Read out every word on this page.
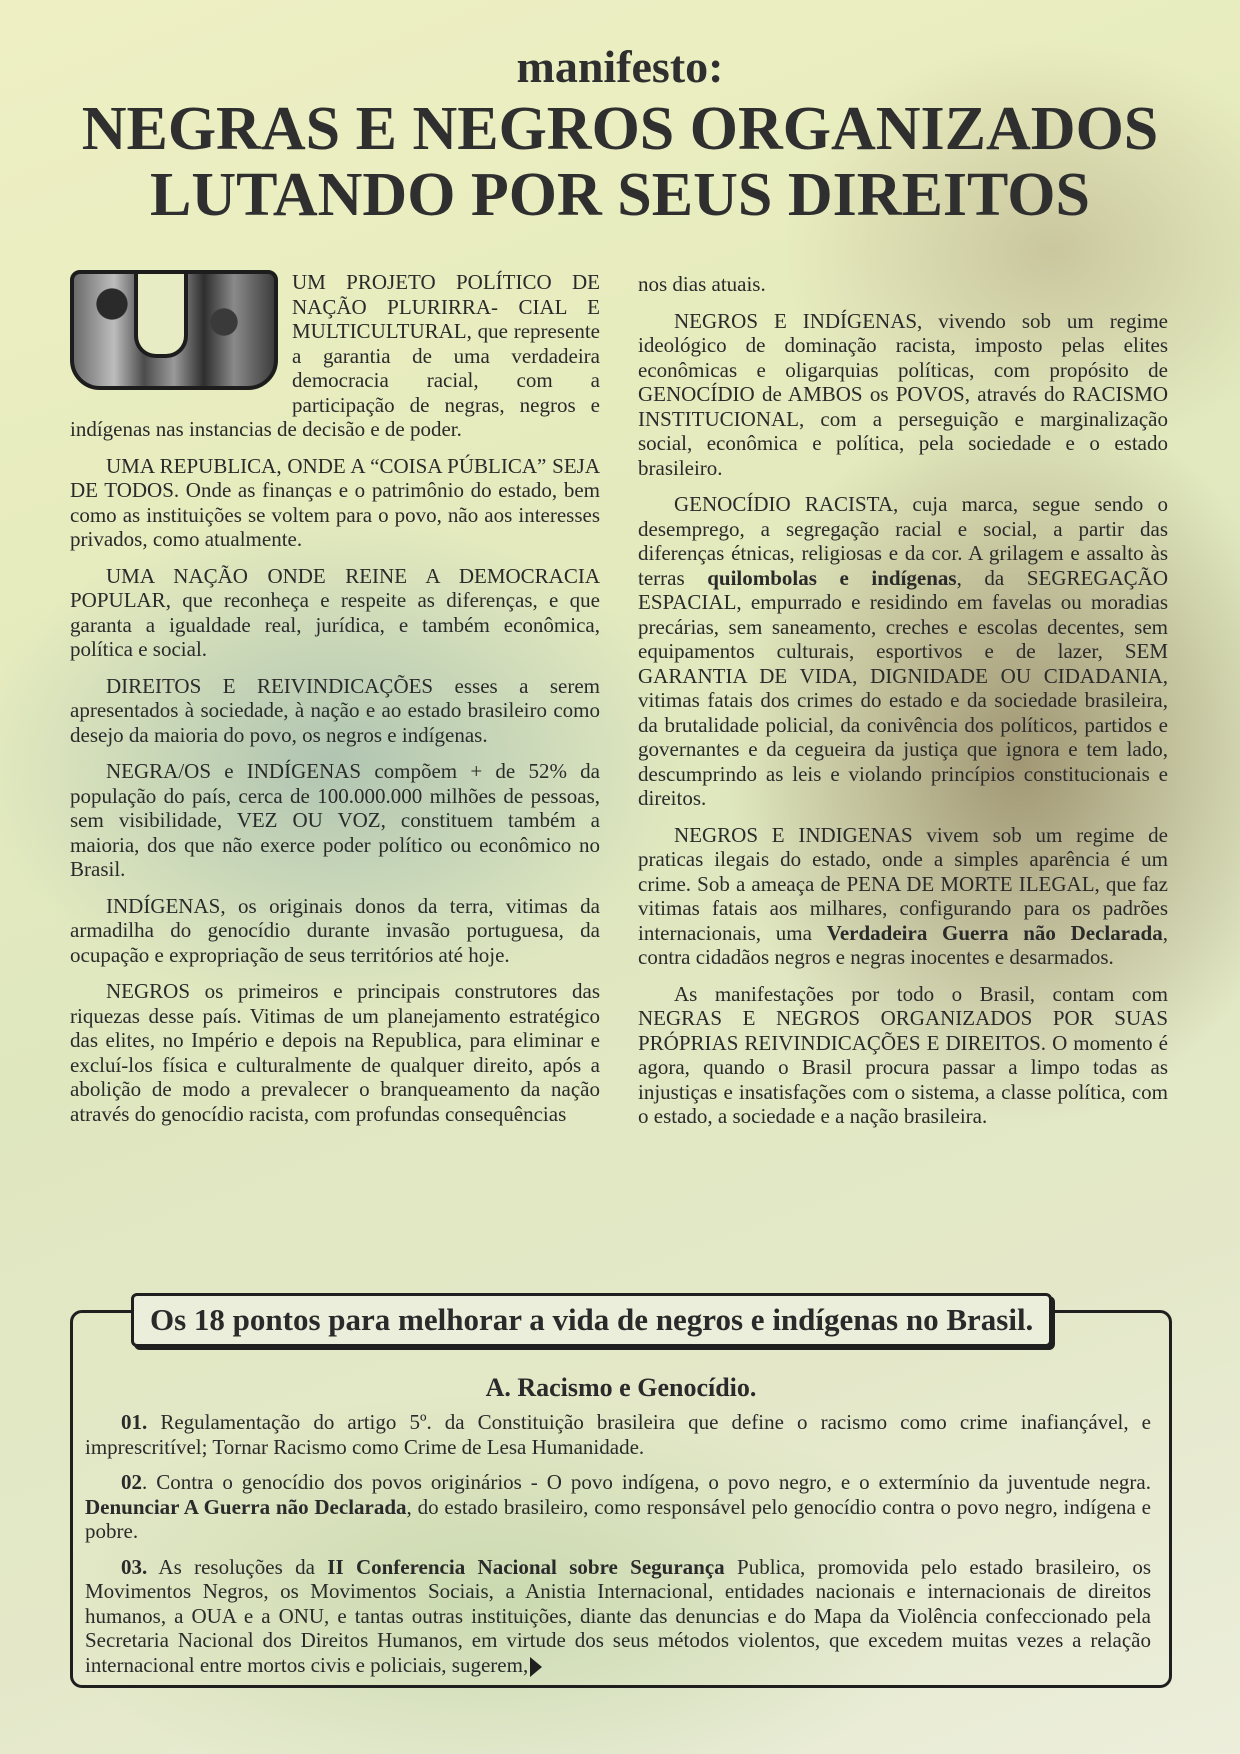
manifesto:
NEGRAS E NEGROS ORGANIZADOS
LUTANDO POR SEUS DIREITOS

UM PROJETO POLÍTICO DE NAÇÃO PLURIRRA- CIAL E MULTICULTURAL, que represente a garantia de uma verdadeira democracia racial, com a participação de negras, negros e indígenas nas instancias de decisão e de poder.

UMA REPUBLICA, ONDE A “COISA PÚBLICA” SEJA DE TODOS. Onde as finanças e o patrimônio do estado, bem como as instituições se voltem para o povo, não aos interesses privados, como atualmente.

UMA NAÇÃO ONDE REINE A DEMOCRACIA POPULAR, que reconheça e respeite as diferenças, e que garanta a igualdade real, jurídica, e também econômica, política e social.

DIREITOS E REIVINDICAÇÕES esses a serem apresentados à sociedade, à nação e ao estado brasileiro como desejo da maioria do povo, os negros e indígenas.

NEGRA/OS e INDÍGENAS compõem + de 52% da população do país, cerca de 100.000.000 milhões de pessoas, sem visibilidade, VEZ OU VOZ, constituem também a maioria, dos que não exerce poder político ou econômico no Brasil.

INDÍGENAS, os originais donos da terra, vitimas da armadilha do genocídio durante invasão portuguesa, da ocupação e expropriação de seus territórios até hoje.

NEGROS os primeiros e principais construtores das riquezas desse país. Vitimas de um planejamento estratégico das elites, no Império e depois na Republica, para eliminar e excluí-los física e culturalmente de qualquer direito, após a abolição de modo a prevalecer o branqueamento da nação através do genocídio racista, com profundas consequências

nos dias atuais.

NEGROS E INDÍGENAS, vivendo sob um regime ideológico de dominação racista, imposto pelas elites econômicas e oligarquias políticas, com propósito de GENOCÍDIO de AMBOS os POVOS, através do RACISMO INSTITUCIONAL, com a perseguição e marginalização social, econômica e política, pela sociedade e o estado brasileiro.

GENOCÍDIO RACISTA, cuja marca, segue sendo o desemprego, a segregação racial e social, a partir das diferenças étnicas, religiosas e da cor. A grilagem e assalto às terras quilombolas e indígenas, da SEGREGAÇÃO ESPACIAL, empurrado e residindo em favelas ou moradias precárias, sem saneamento, creches e escolas decentes, sem equipamentos culturais, esportivos e de lazer, SEM GARANTIA DE VIDA, DIGNIDADE OU CIDADANIA, vitimas fatais dos crimes do estado e da sociedade brasileira, da brutalidade policial, da conivência dos políticos, partidos e governantes e da cegueira da justiça que ignora e tem lado, descumprindo as leis e violando princípios constitucionais e direitos.

NEGROS E INDIGENAS vivem sob um regime de praticas ilegais do estado, onde a simples aparência é um crime. Sob a ameaça de PENA DE MORTE ILEGAL, que faz vitimas fatais aos milhares, configurando para os padrões internacionais, uma Verdadeira Guerra não Declarada, contra cidadãos negros e negras inocentes e desarmados.

As manifestações por todo o Brasil, contam com NEGRAS E NEGROS ORGANIZADOS POR SUAS PRÓPRIAS REIVINDICAÇÕES E DIREITOS. O momento é agora, quando o Brasil procura passar a limpo todas as injustiças e insatisfações com o sistema, a classe política, com o estado, a sociedade e a nação brasileira.

Os 18 pontos para melhorar a vida de negros e indígenas no Brasil.
A. Racismo e Genocídio.

01. Regulamentação do artigo 5º. da Constituição brasileira que define o racismo como crime inafiançável, e imprescritível; Tornar Racismo como Crime de Lesa Humanidade.

02. Contra o genocídio dos povos originários - O povo indígena, o povo negro, e o extermínio da juventude negra. Denunciar A Guerra não Declarada, do estado brasileiro, como responsável pelo genocídio contra o povo negro, indígena e pobre.

03. As resoluções da II Conferencia Nacional sobre Segurança Publica, promovida pelo estado brasileiro, os Movimentos Negros, os Movimentos Sociais, a Anistia Internacional, entidades nacionais e internacionais de direitos humanos, a OUA e a ONU, e tantas outras instituições, diante das denuncias e do Mapa da Violência confeccionado pela Secretaria Nacional dos Direitos Humanos, em virtude dos seus métodos violentos, que excedem muitas vezes a relação internacional entre mortos civis e policiais, sugerem,
